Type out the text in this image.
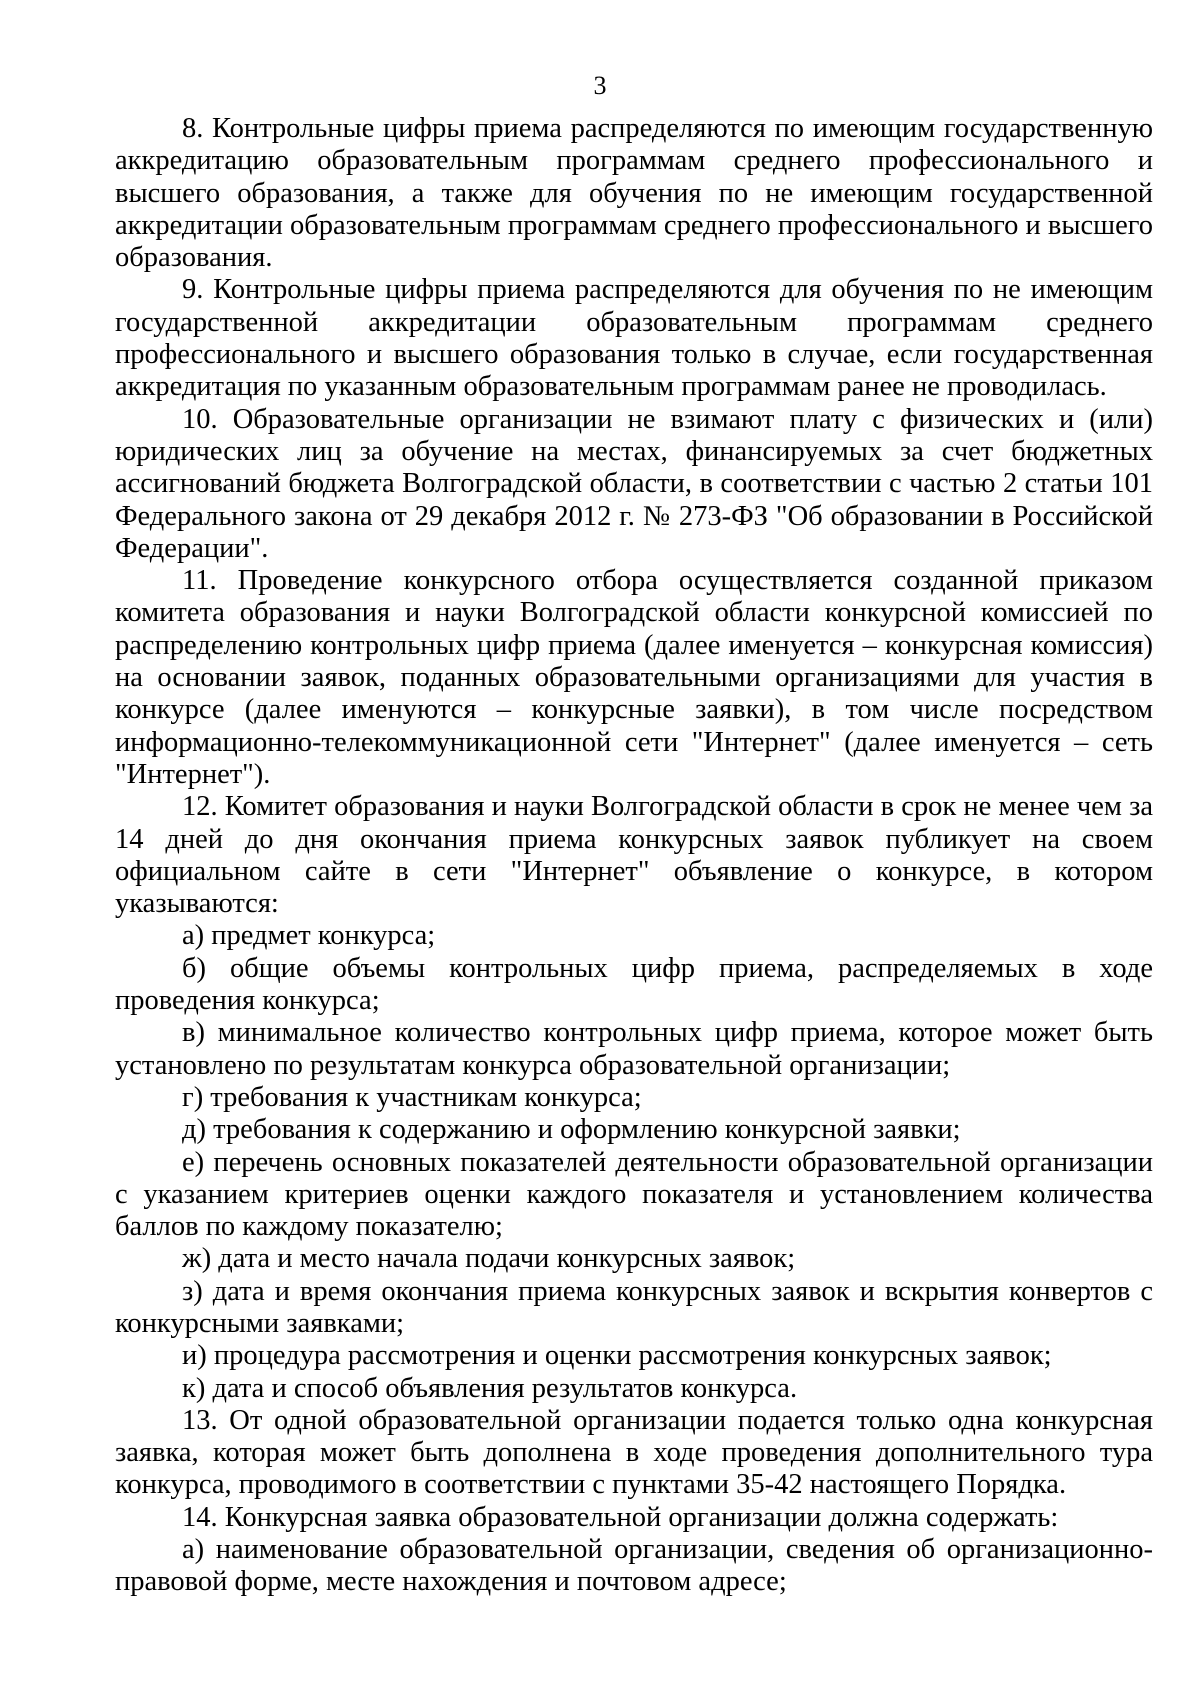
3

8. Контрольные цифры приема распределяются по имеющим государственную аккредитацию образовательным программам среднего профессионального и высшего образования, а также для обучения по не имеющим государственной аккредитации образовательным программам среднего профессионального и высшего образования.

9. Контрольные цифры приема распределяются для обучения по не имеющим государственной аккредитации образовательным программам среднего профессионального и высшего образования только в случае, если государственная аккредитация по указанным образовательным программам ранее не проводилась.

10. Образовательные организации не взимают плату с физических и (или) юридических лиц за обучение на местах, финансируемых за счет бюджетных ассигнований бюджета Волгоградской области, в соответствии с частью 2 статьи 101 Федерального закона от 29 декабря 2012 г. № 273-ФЗ "Об образовании в Российской Федерации".

11. Проведение конкурсного отбора осуществляется созданной приказом комитета образования и науки Волгоградской области конкурсной комиссией по распределению контрольных цифр приема (далее именуется – конкурсная комиссия) на основании заявок, поданных образовательными организациями для участия в конкурсе (далее именуются – конкурсные заявки), в том числе посредством информационно-телекоммуникационной сети "Интернет" (далее именуется – сеть "Интернет").

12. Комитет образования и науки Волгоградской области в срок не менее чем за 14 дней до дня окончания приема конкурсных заявок публикует на своем официальном сайте в сети "Интернет" объявление о конкурсе, в котором указываются:

а) предмет конкурса;

б) общие объемы контрольных цифр приема, распределяемых в ходе проведения конкурса;

в) минимальное количество контрольных цифр приема, которое может быть установлено по результатам конкурса образовательной организации;

г) требования к участникам конкурса;

д) требования к содержанию и оформлению конкурсной заявки;

е) перечень основных показателей деятельности образовательной организации с указанием критериев оценки каждого показателя и установлением количества баллов по каждому показателю;

ж) дата и место начала подачи конкурсных заявок;

з) дата и время окончания приема конкурсных заявок и вскрытия конвертов с конкурсными заявками;

и) процедура рассмотрения и оценки рассмотрения конкурсных заявок;

к) дата и способ объявления результатов конкурса.

13. От одной образовательной организации подается только одна конкурсная заявка, которая может быть дополнена в ходе проведения дополнительного тура конкурса, проводимого в соответствии с пунктами 35-42 настоящего Порядка.

14. Конкурсная заявка образовательной организации должна содержать:

а) наименование образовательной организации, сведения об организационно-правовой форме, месте нахождения и почтовом адресе;
